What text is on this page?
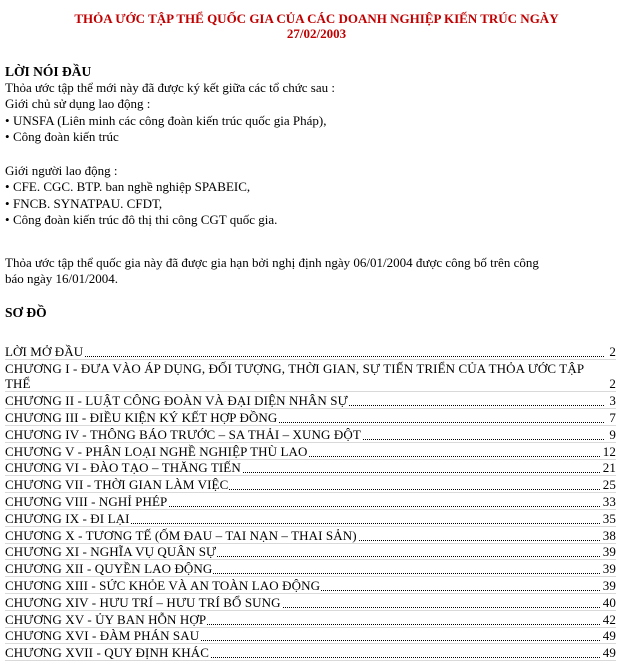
THỎA ƯỚC TẬP THỂ QUỐC GIA CỦA CÁC DOANH NGHIỆP KIẾN TRÚC NGÀY
27/02/2003
LỜI NÓI ĐẦU
Thỏa ước tập thể mới này đã được ký kết giữa các tổ chức sau :
Giới chủ sử dụng lao động :
• UNSFA (Liên minh các công đoàn kiến trúc quốc gia Pháp),
• Công đoàn kiến trúc
Giới người lao động :
• CFE. CGC. BTP. ban nghề nghiệp SPABEIC,
• FNCB. SYNATPAU. CFDT,
• Công đoàn kiến trúc đô thị thi công CGT quốc gia.
Thỏa ước tập thể quốc gia này đã được gia hạn bởi nghị định ngày 06/01/2004 được công bố trên công
báo ngày 16/01/2004.
SƠ ĐỒ
LỜI MỞ ĐẦU	2
CHƯƠNG I - ĐƯA VÀO ÁP DỤNG, ĐỐI TƯỢNG, THỜI GIAN, SỰ TIẾN TRIỂN CỦA THỎA ƯỚC TẬP THỂ	2
CHƯƠNG II - LUẬT CÔNG ĐOÀN VÀ ĐẠI DIỆN NHÂN SỰ	3
CHƯƠNG III - ĐIỀU KIỆN KÝ KẾT HỢP ĐỒNG	7
CHƯƠNG IV - THÔNG BÁO TRƯỚC – SA THẢI – XUNG ĐỘT	9
CHƯƠNG V - PHÂN LOẠI NGHỀ NGHIỆP THÙ LAO	12
CHƯƠNG VI - ĐÀO TẠO – THĂNG TIẾN	21
CHƯƠNG VII - THỜI GIAN LÀM VIỆC	25
CHƯƠNG VIII - NGHỈ PHÉP	33
CHƯƠNG IX - ĐI LẠI	35
CHƯƠNG X - TƯƠNG TẾ (ỐM ĐAU – TAI NẠN – THAI SẢN)	38
CHƯƠNG XI - NGHĨA VỤ QUÂN SỰ	39
CHƯƠNG XII - QUYỀN LAO ĐỘNG	39
CHƯƠNG XIII - SỨC KHỎE VÀ AN TOÀN LAO ĐỘNG	39
CHƯƠNG XIV - HƯU TRÍ – HƯU TRÍ BỔ SUNG	40
CHƯƠNG XV - ỦY BAN HỖN HỢP	42
CHƯƠNG XVI - ĐÀM PHÁN SAU	49
CHƯƠNG XVII - QUY ĐỊNH KHÁC	49
